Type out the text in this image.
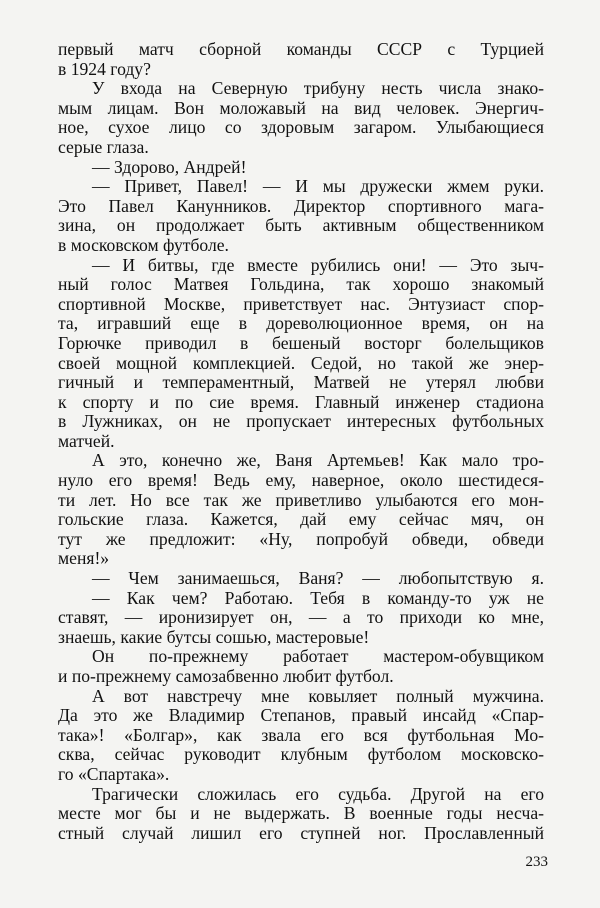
первый матч сборной команды СССР с Турцией
в 1924 году?
У входа на Северную трибуну несть числа знако-
мым лицам. Вон моложавый на вид человек. Энергич-
ное, сухое лицо со здоровым загаром. Улыбающиеся
серые глаза.
— Здорово, Андрей!
— Привет, Павел! — И мы дружески жмем руки.
Это Павел Канунников. Директор спортивного мага-
зина, он продолжает быть активным общественником
в московском футболе.
— И битвы, где вместе рубились они! — Это зыч-
ный голос Матвея Гольдина, так хорошо знакомый
спортивной Москве, приветствует нас. Энтузиаст спор-
та, игравший еще в дореволюционное время, он на
Горючке приводил в бешеный восторг болельщиков
своей мощной комплекцией. Седой, но такой же энер-
гичный и темпераментный, Матвей не утерял любви
к спорту и по сие время. Главный инженер стадиона
в Лужниках, он не пропускает интересных футбольных
матчей.
А это, конечно же, Ваня Артемьев! Как мало тро-
нуло его время! Ведь ему, наверное, около шестидеся-
ти лет. Но все так же приветливо улыбаются его мон-
гольские глаза. Кажется, дай ему сейчас мяч, он
тут же предложит: «Ну, попробуй обведи, обведи
меня!»
— Чем занимаешься, Ваня? — любопытствую я.
— Как чем? Работаю. Тебя в команду-то уж не
ставят, — иронизирует он, — а то приходи ко мне,
знаешь, какие бутсы сошью, мастеровые!
Он по-прежнему работает мастером-обувщиком
и по-прежнему самозабвенно любит футбол.
А вот навстречу мне ковыляет полный мужчина.
Да это же Владимир Степанов, правый инсайд «Спар-
така»! «Болгар», как звала его вся футбольная Мо-
сква, сейчас руководит клубным футболом московско-
го «Спартака».
Трагически сложилась его судьба. Другой на его
месте мог бы и не выдержать. В военные годы несча-
стный случай лишил его ступней ног. Прославленный
233
